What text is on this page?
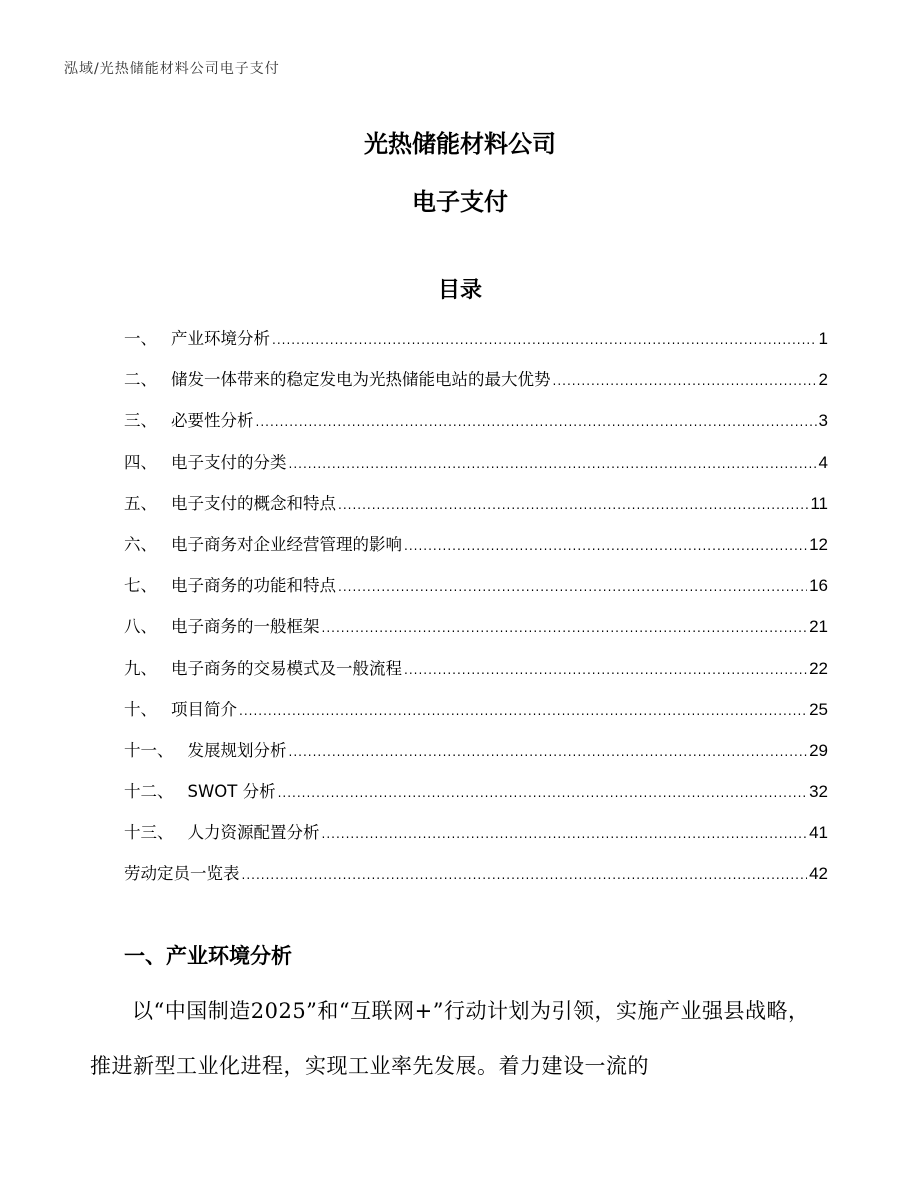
泓域/光热储能材料公司电子支付
光热储能材料公司
电子支付
目录
一、 产业环境分析 .....	1
二、 储发一体带来的稳定发电为光热储能电站的最大优势 .....	2
三、 必要性分析 .....	3
四、 电子支付的分类 .....	4
五、 电子支付的概念和特点 .....	11
六、 电子商务对企业经营管理的影响 .....	12
七、 电子商务的功能和特点 .....	16
八、 电子商务的一般框架 .....	21
九、 电子商务的交易模式及一般流程 .....	22
十、 项目简介 .....	25
十一、 发展规划分析 .....	29
十二、 SWOT 分析 .....	32
十三、 人力资源配置分析 .....	41
劳动定员一览表 .....	42
一、产业环境分析
以“中国制造2025”和“互联网+”行动计划为引领，实施产业强县战略，推进新型工业化进程，实现工业率先发展。着力建设一流的
